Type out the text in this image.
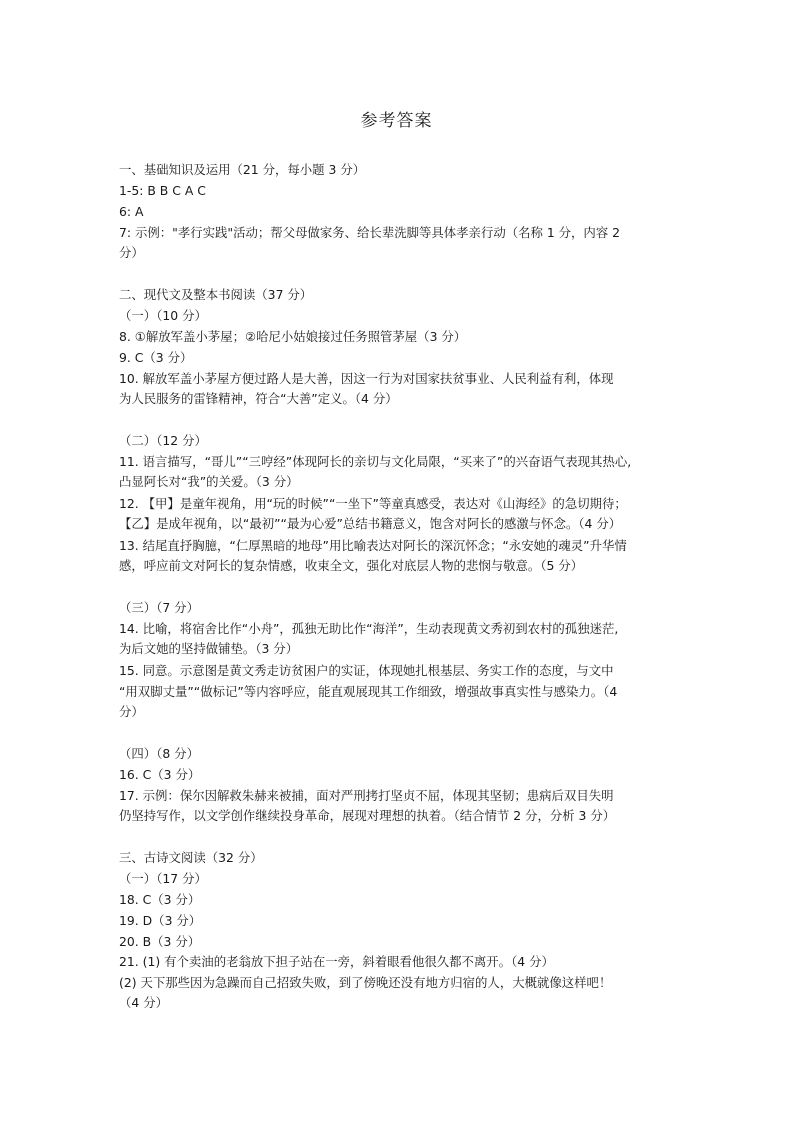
参考答案
一、基础知识及运用（21 分，每小题 3 分）
1-5: B B C A C
6: A
7: 示例："孝行实践"活动；帮父母做家务、给长辈洗脚等具体孝亲行动（名称 1 分，内容 2
分）
二、现代文及整本书阅读（37 分）
（一）（10 分）
8. ①解放军盖小茅屋；②哈尼小姑娘接过任务照管茅屋（3 分）
9. C（3 分）
10. 解放军盖小茅屋方便过路人是大善，因这一行为对国家扶贫事业、人民利益有利，体现
为人民服务的雷锋精神，符合“大善”定义。（4 分）
（二）（12 分）
11. 语言描写，“哥儿”“三哼经”体现阿长的亲切与文化局限，“买来了”的兴奋语气表现其热心,
凸显阿长对“我”的关爱。（3 分）
12. 【甲】是童年视角，用“玩的时候”“一坐下”等童真感受，表达对《山海经》的急切期待；
【乙】是成年视角，以“最初”“最为心爱”总结书籍意义，饱含对阿长的感激与怀念。（4 分）
13. 结尾直抒胸臆，“仁厚黑暗的地母”用比喻表达对阿长的深沉怀念；“永安她的魂灵”升华情
感，呼应前文对阿长的复杂情感，收束全文，强化对底层人物的悲悯与敬意。（5 分）
（三）（7 分）
14. 比喻，将宿舍比作“小舟”，孤独无助比作“海洋”，生动表现黄文秀初到农村的孤独迷茫,
为后文她的坚持做铺垫。（3 分）
15. 同意。示意图是黄文秀走访贫困户的实证，体现她扎根基层、务实工作的态度，与文中
“用双脚丈量”“做标记”等内容呼应，能直观展现其工作细致，增强故事真实性与感染力。（4
分）
（四）（8 分）
16. C（3 分）
17. 示例：保尔因解救朱赫来被捕，面对严刑拷打坚贞不屈，体现其坚韧；患病后双目失明
仍坚持写作，以文学创作继续投身革命，展现对理想的执着。（结合情节 2 分，分析 3 分）
三、古诗文阅读（32 分）
（一）（17 分）
18. C（3 分）
19. D（3 分）
20. B（3 分）
21. (1) 有个卖油的老翁放下担子站在一旁，斜着眼看他很久都不离开。（4 分）
(2) 天下那些因为急躁而自己招致失败，到了傍晚还没有地方归宿的人，大概就像这样吧！
（4 分）
